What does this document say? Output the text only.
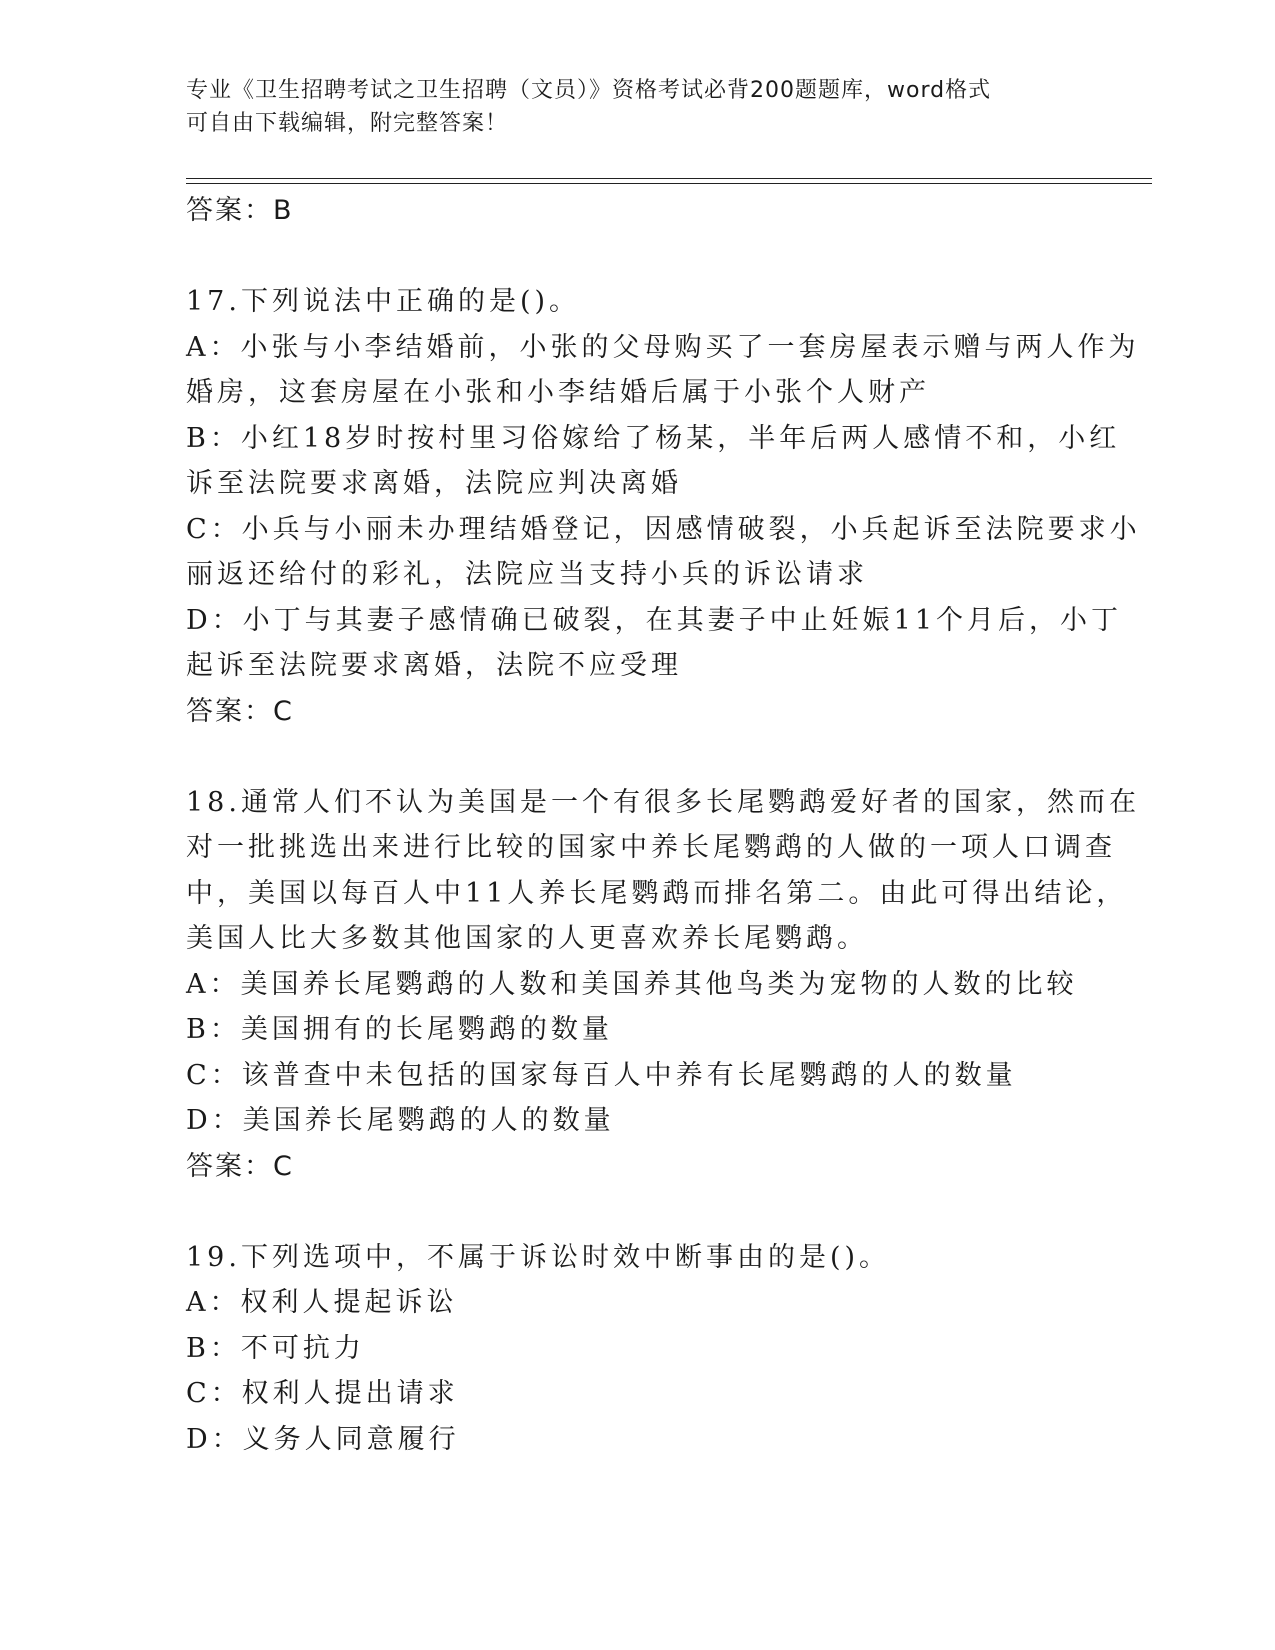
专业《卫生招聘考试之卫生招聘（文员）》资格考试必背200题题库，word格式
可自由下载编辑，附完整答案！
答案：B
17.下列说法中正确的是()。
A：小张与小李结婚前，小张的父母购买了一套房屋表示赠与两人作为
婚房，这套房屋在小张和小李结婚后属于小张个人财产
B：小红18岁时按村里习俗嫁给了杨某，半年后两人感情不和，小红
诉至法院要求离婚，法院应判决离婚
C：小兵与小丽未办理结婚登记，因感情破裂，小兵起诉至法院要求小
丽返还给付的彩礼，法院应当支持小兵的诉讼请求
D：小丁与其妻子感情确已破裂，在其妻子中止妊娠11个月后，小丁
起诉至法院要求离婚，法院不应受理
答案：C
18.通常人们不认为美国是一个有很多长尾鹦鹉爱好者的国家，然而在
对一批挑选出来进行比较的国家中养长尾鹦鹉的人做的一项人口调查
中，美国以每百人中11人养长尾鹦鹉而排名第二。由此可得出结论，
美国人比大多数其他国家的人更喜欢养长尾鹦鹉。
A：美国养长尾鹦鹉的人数和美国养其他鸟类为宠物的人数的比较
B：美国拥有的长尾鹦鹉的数量
C：该普查中未包括的国家每百人中养有长尾鹦鹉的人的数量
D：美国养长尾鹦鹉的人的数量
答案：C
19.下列选项中，不属于诉讼时效中断事由的是()。
A：权利人提起诉讼
B：不可抗力
C：权利人提出请求
D：义务人同意履行
